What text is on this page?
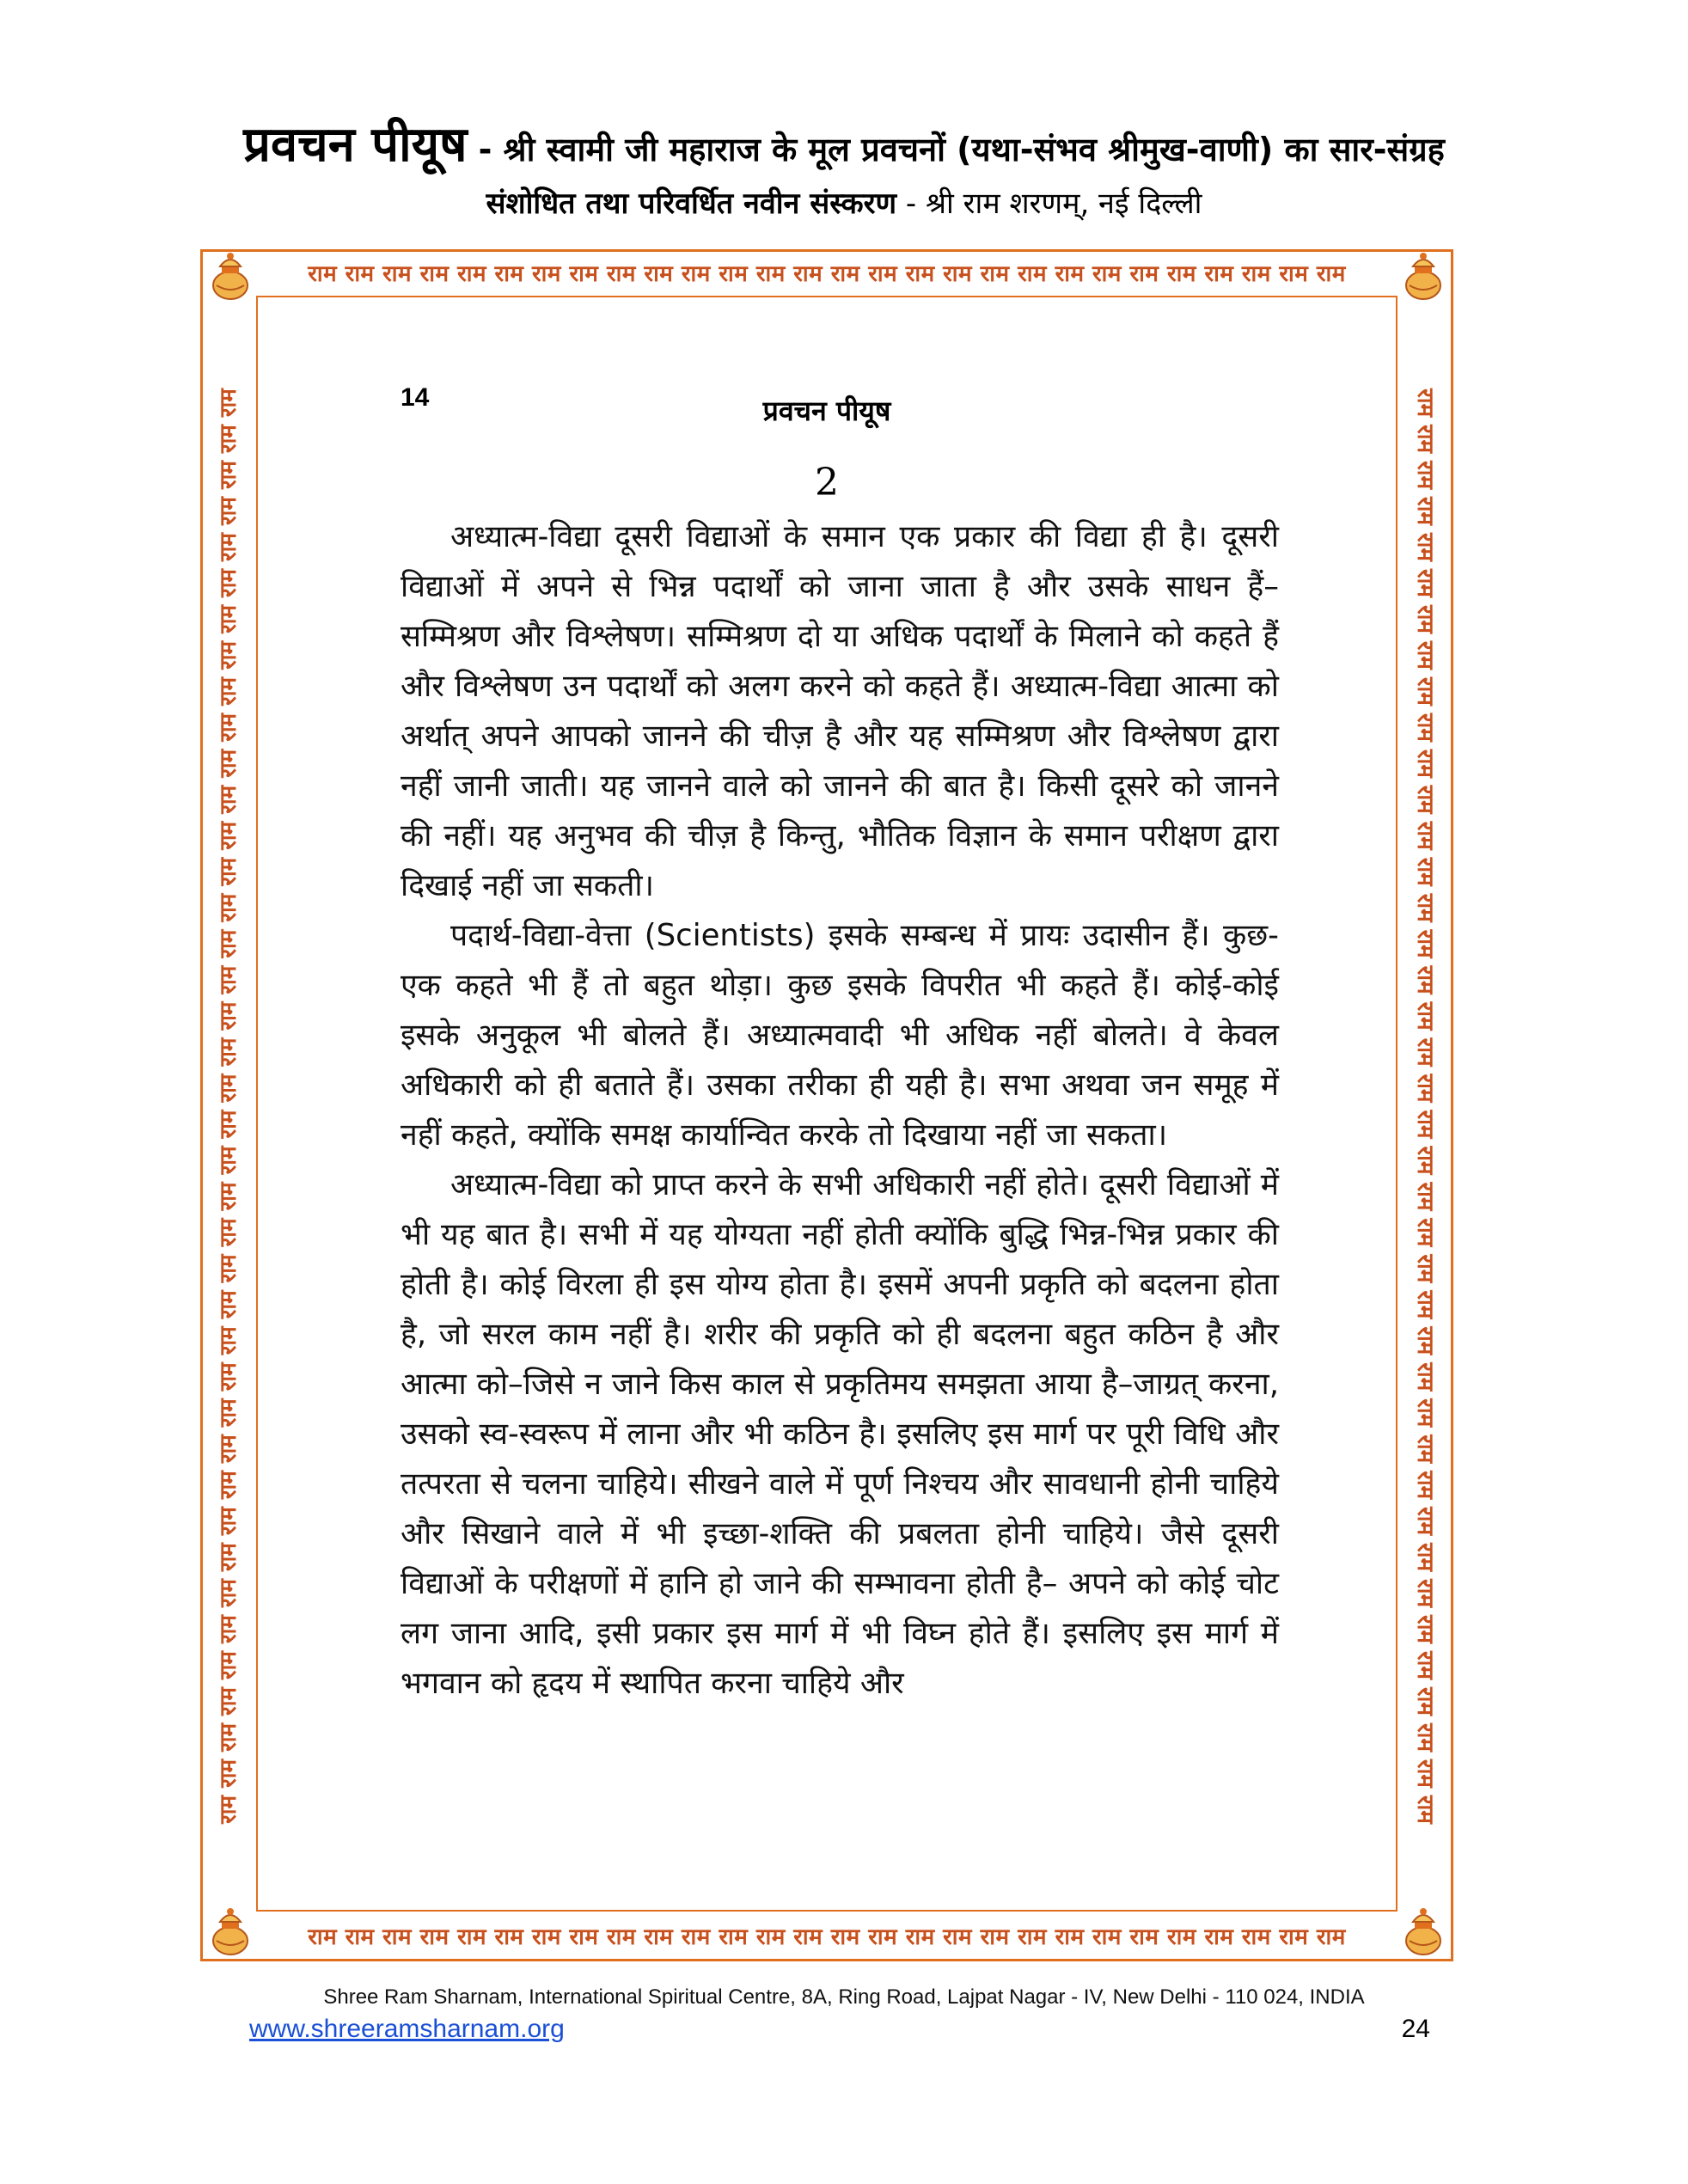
प्रवचन पीयूष - श्री स्वामी जी महाराज के मूल प्रवचनों (यथा-संभव श्रीमुख-वाणी) का सार-संग्रह
संशोधित तथा परिवर्धित नवीन संस्करण - श्री राम शरणम्, नई दिल्ली
राम राम राम राम राम राम राम राम राम राम राम राम राम राम राम राम राम राम राम राम राम राम राम राम राम राम राम राम
राम राम राम राम राम राम राम राम राम राम राम राम राम राम राम राम राम राम राम राम राम राम राम राम राम राम राम राम
राम राम राम राम राम राम राम राम राम राम राम राम राम राम राम राम राम राम राम राम राम राम राम राम राम राम राम राम राम राम राम राम राम राम राम राम राम राम राम राम	राम राम राम राम राम राम राम राम राम राम राम राम राम राम राम राम राम राम राम राम राम राम राम राम राम राम राम राम राम राम राम राम राम राम राम राम राम राम राम राम
14	प्रवचन पीयूष
2

अध्यात्म-विद्या दूसरी विद्याओं के समान एक प्रकार की विद्या ही है। दूसरी विद्याओं में अपने से भिन्न पदार्थों को जाना जाता है और उसके साधन हैं– सम्मिश्रण और विश्लेषण। सम्मिश्रण दो या अधिक पदार्थों के मिलाने को कहते हैं और विश्लेषण उन पदार्थों को अलग करने को कहते हैं। अध्यात्म-विद्या आत्मा को अर्थात् अपने आपको जानने की चीज़ है और यह सम्मिश्रण और विश्लेषण द्वारा नहीं जानी जाती। यह जानने वाले को जानने की बात है। किसी दूसरे को जानने की नहीं। यह अनुभव की चीज़ है किन्तु, भौतिक विज्ञान के समान परीक्षण द्वारा दिखाई नहीं जा सकती।

पदार्थ-विद्या-वेत्ता (Scientists) इसके सम्बन्ध में प्रायः उदासीन हैं। कुछ-एक कहते भी हैं तो बहुत थोड़ा। कुछ इसके विपरीत भी कहते हैं। कोई-कोई इसके अनुकूल भी बोलते हैं। अध्यात्मवादी भी अधिक नहीं बोलते। वे केवल अधिकारी को ही बताते हैं। उसका तरीका ही यही है। सभा अथवा जन समूह में नहीं कहते, क्योंकि समक्ष कार्यान्वित करके तो दिखाया नहीं जा सकता।

अध्यात्म-विद्या को प्राप्त करने के सभी अधिकारी नहीं होते। दूसरी विद्याओं में भी यह बात है। सभी में यह योग्यता नहीं होती क्योंकि बुद्धि भिन्न-भिन्न प्रकार की होती है। कोई विरला ही इस योग्य होता है। इसमें अपनी प्रकृति को बदलना होता है, जो सरल काम नहीं है। शरीर की प्रकृति को ही बदलना बहुत कठिन है और आत्मा को–जिसे न जाने किस काल से प्रकृतिमय समझता आया है–जाग्रत् करना, उसको स्व-स्वरूप में लाना और भी कठिन है। इसलिए इस मार्ग पर पूरी विधि और तत्परता से चलना चाहिये। सीखने वाले में पूर्ण निश्चय और सावधानी होनी चाहिये और सिखाने वाले में भी इच्छा-शक्ति की प्रबलता होनी चाहिये। जैसे दूसरी विद्याओं के परीक्षणों में हानि हो जाने की सम्भावना होती है– अपने को कोई चोट लग जाना आदि, इसी प्रकार इस मार्ग में भी विघ्न होते हैं। इसलिए इस मार्ग में भगवान को हृदय में स्थापित करना चाहिये और

Shree Ram Sharnam, International Spiritual Centre, 8A, Ring Road, Lajpat Nagar - IV, New Delhi - 110 024, INDIA
www.shreeramsharnam.org	24
